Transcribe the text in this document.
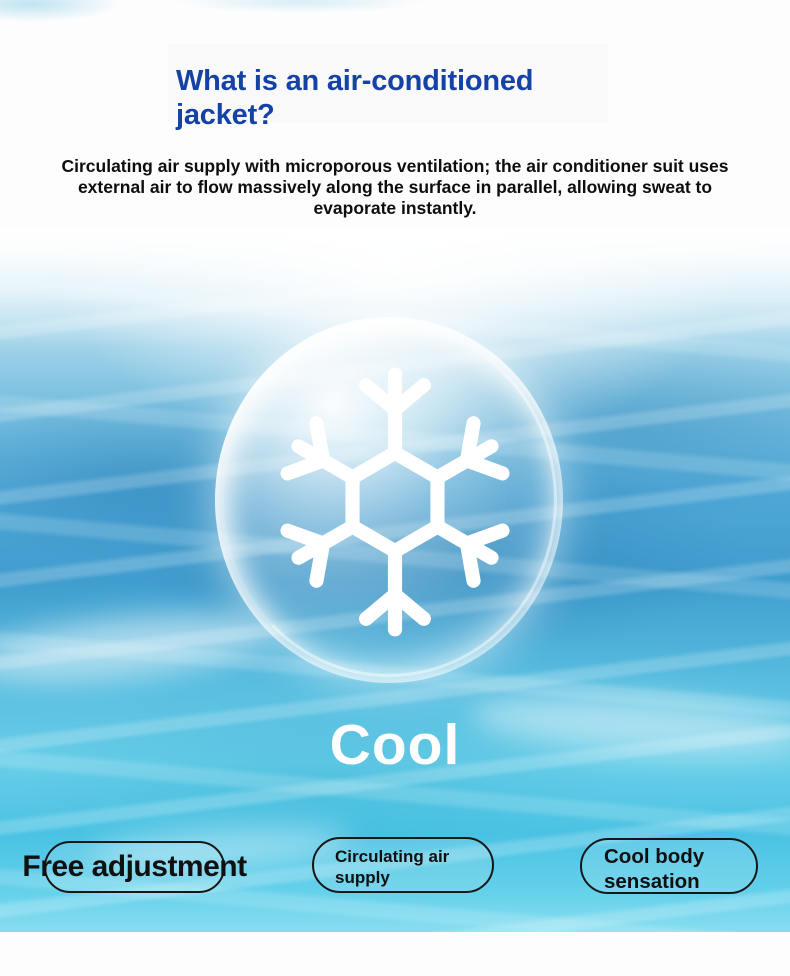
What is an air-conditioned jacket?

Circulating air supply with microporous ventilation; the air conditioner suit uses external air to flow massively along the surface in parallel, allowing sweat to evaporate instantly.

Cool
Free adjustment	Circulating air supply
Cool body sensation
